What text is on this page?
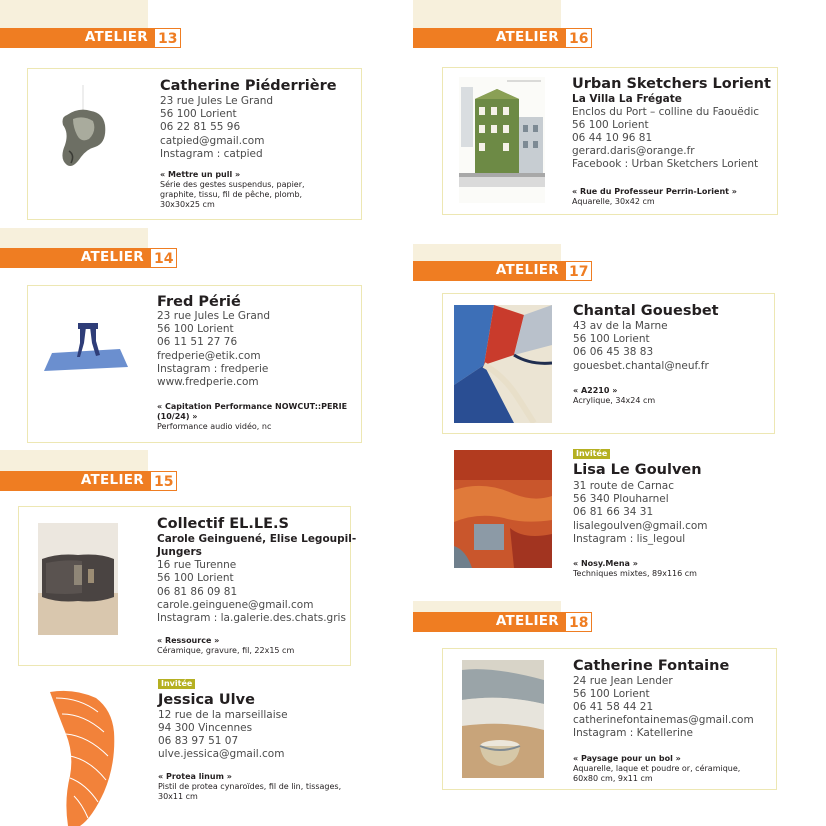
ATELIER 13
ATELIER 14
ATELIER 15
ATELIER 16
ATELIER 17
ATELIER 18
Catherine Piéderrière
23 rue Jules Le Grand
56 100 Lorient
06 22 81 55 96
catpied@gmail.com
Instagram : catpied
« Mettre un pull »
Série des gestes suspendus, papier,
graphite, tissu, fil de pêche, plomb,
30x30x25 cm
Fred Périé
23 rue Jules Le Grand
56 100 Lorient
06 11 51 27 76
fredperie@etik.com
Instagram : fredperie
www.fredperie.com
« Capitation Performance NOWCUT::PERIE
(10/24) »
Performance audio vidéo, nc
Collectif EL.LE.S
Carole Geinguené, Elise Legoupil-
Jungers
16 rue Turenne
56 100 Lorient
06 81 86 09 81
carole.geinguene@gmail.com
Instagram : la.galerie.des.chats.gris
« Ressource »
Céramique, gravure, fil, 22x15 cm
Invitée
Jessica Ulve
12 rue de la marseillaise
94 300 Vincennes
06 83 97 51 07
ulve.jessica@gmail.com
« Protea linum »
Pistil de protea cynaroïdes, fil de lin, tissages,
30x11 cm
Urban Sketchers Lorient
La Villa La Frégate
Enclos du Port – colline du Faouëdic
56 100 Lorient
06 44 10 96 81
gerard.daris@orange.fr
Facebook : Urban Sketchers Lorient
« Rue du Professeur Perrin-Lorient »
Aquarelle, 30x42 cm
Chantal Gouesbet
43 av de la Marne
56 100 Lorient
06 06 45 38 83
gouesbet.chantal@neuf.fr
« A2210 »
Acrylique, 34x24 cm
Invitée
Lisa Le Goulven
31 route de Carnac
56 340 Plouharnel
06 81 66 34 31
lisalegoulven@gmail.com
Instagram : lis_legoul
« Nosy.Mena »
Techniques mixtes, 89x116 cm
Catherine Fontaine
24 rue Jean Lender
56 100 Lorient
06 41 58 44 21
catherinefontainemas@gmail.com
Instagram : Katellerine
« Paysage pour un bol »
Aquarelle, laque et poudre or, céramique,
60x80 cm, 9x11 cm
